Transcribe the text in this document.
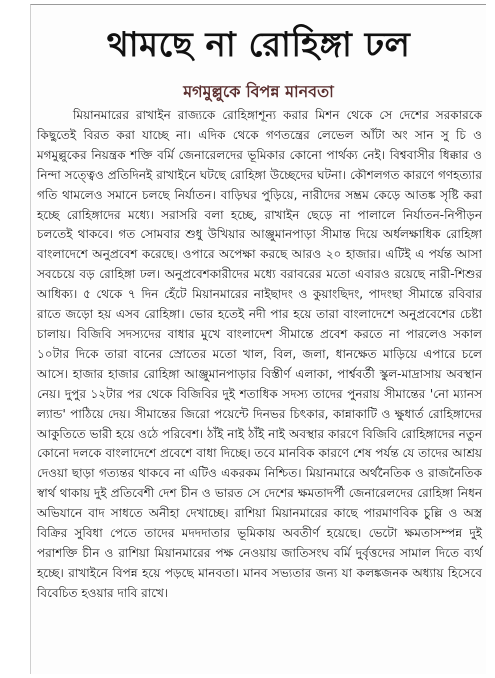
থামছে না রোহিঙ্গা ঢল
মগমুল্লুকে বিপন্ন মানবতা

মিয়ানমারের রাখাইন রাজ্যকে রোহিঙ্গাশূন্য করার মিশন থেকে সে দেশের সরকারকে কিছুতেই বিরত করা যাচ্ছে না। এদিক থেকে গণতন্ত্রের লেভেল আঁটা অং সান সু চি ও মগমুল্লুকের নিয়ন্ত্রক শক্তি বর্মি জেনারেলদের ভূমিকার কোনো পার্থক্য নেই। বিশ্ববাসীর ধিক্কার ও নিন্দা সত্ত্বেও প্রতিদিনই রাখাইনে ঘটছে রোহিঙ্গা উচ্ছেদের ঘটনা। কৌশলগত কারণে গণহত্যার গতি থামলেও সমানে চলছে নির্যাতন। বাড়িঘর পুড়িয়ে, নারীদের সম্ভ্রম কেড়ে আতঙ্ক সৃষ্টি করা হচ্ছে রোহিঙ্গাদের মধ্যে। সরাসরি বলা হচ্ছে, রাখাইন ছেড়ে না পালালে নির্যাতন-নিপীড়ন চলতেই থাকবে। গত সোমবার শুধু উখিয়ার আঞ্জুমানপাড়া সীমান্ত দিয়ে অর্ধলক্ষাধিক রোহিঙ্গা বাংলাদেশে অনুপ্রবেশ করেছে। ওপারে অপেক্ষা করছে আরও ২০ হাজার। এটিই এ পর্যন্ত আসা সবচেয়ে বড় রোহিঙ্গা ঢল। অনুপ্রবেশকারীদের মধ্যে বরাবরের মতো এবারও রয়েছে নারী-শিশুর আধিক্য। ৫ থেকে ৭ দিন হেঁটে মিয়ানমারের নাইছাদং ও কুয়াংছিদং, পাদংছা সীমান্তে রবিবার রাতে জড়ো হয় এসব রোহিঙ্গা। ভোর হতেই নদী পার হয়ে তারা বাংলাদেশে অনুপ্রবেশের চেষ্টা চালায়। বিজিবি সদস্যদের বাধার মুখে বাংলাদেশ সীমান্তে প্রবেশ করতে না পারলেও সকাল ১০টার দিকে তারা বানের স্রোতের মতো খাল, বিল, জলা, ধানক্ষেত মাড়িয়ে এপারে চলে আসে। হাজার হাজার রোহিঙ্গা আঞ্জুমানপাড়ার বিস্তীর্ণ এলাকা, পার্শ্ববর্তী স্কুল-মাদ্রাসায় অবস্থান নেয়। দুপুর ১২টার পর থেকে বিজিবির দুই শতাধিক সদস্য তাদের পুনরায় সীমান্তের 'নো ম্যানস ল্যান্ড' পাঠিয়ে দেয়। সীমান্তের জিরো পয়েন্টে দিনভর চিৎকার, কান্নাকাটি ও ক্ষুধার্ত রোহিঙ্গাদের আকুতিতে ভারী হয়ে ওঠে পরিবেশ। ঠাঁই নাই ঠাঁই নাই অবস্থার কারণে বিজিবি রোহিঙ্গাদের নতুন কোনো দলকে বাংলাদেশে প্রবেশে বাধা দিচ্ছে। তবে মানবিক কারণে শেষ পর্যন্ত যে তাদের আশ্রয় দেওয়া ছাড়া গত্যন্তর থাকবে না এটিও একরকম নিশ্চিত। মিয়ানমারে অর্থনৈতিক ও রাজনৈতিক স্বার্থ থাকায় দুই প্রতিবেশী দেশ চীন ও ভারত সে দেশের ক্ষমতাদর্পী জেনারেলদের রোহিঙ্গা নিধন অভিযানে বাদ সাধতে অনীহা দেখাচ্ছে। রাশিয়া মিয়ানমারের কাছে পারমাণবিক চুল্লি ও অস্ত্র বিক্রির সুবিধা পেতে তাদের মদদদাতার ভূমিকায় অবতীর্ণ হয়েছে। ভেটো ক্ষমতাসম্পন্ন দুই পরাশক্তি চীন ও রাশিয়া মিয়ানমারের পক্ষ নেওয়ায় জাতিসংঘ বর্মি দুর্বৃত্তদের সামাল দিতে ব্যর্থ হচ্ছে। রাখাইনে বিপন্ন হয়ে পড়ছে মানবতা। মানব সভ্যতার জন্য যা কলঙ্কজনক অধ্যায় হিসেবে বিবেচিত হওয়ার দাবি রাখে।
